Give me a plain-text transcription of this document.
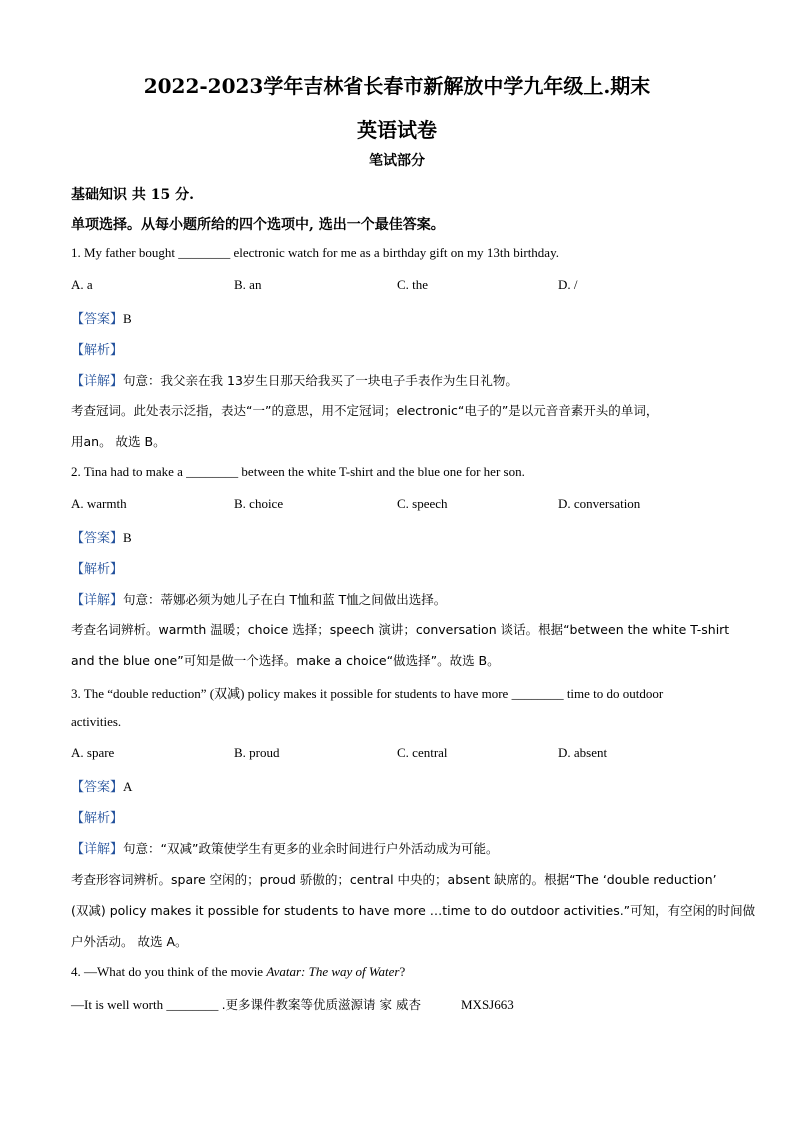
2022-2023学年吉林省长春市新解放中学九年级上.期末
英语试卷
笔试部分
基础知识 共 15 分.
单项选择。从每小题所给的四个选项中, 选出一个最佳答案。
1. My father bought ________ electronic watch for me as a birthday gift on my 13th birthday.
A. a	B. an	C. the	D. /
【答案】B
【解析】
【详解】句意：我父亲在我 13岁生日那天给我买了一块电子手表作为生日礼物。
考查冠词。此处表示泛指，表达“一”的意思，用不定冠词；electronic“电子的”是以元音音素开头的单词，
用an。 故选 B。
2. Tina had to make a ________ between the white T-shirt and the blue one for her son.
A. warmth	B. choice	C. speech	D. conversation
【答案】B
【解析】
【详解】句意：蒂娜必须为她儿子在白 T恤和蓝 T恤之间做出选择。
考查名词辨析。warmth 温暖；choice 选择；speech 演讲；conversation 谈话。根据“between the white T-shirt
and the blue one”可知是做一个选择。make a choice“做选择”。故选 B。
3. The “double reduction” (双减) policy makes it possible for students to have more ________ time to do outdoor
activities.
A. spare	B. proud	C. central	D. absent
【答案】A
【解析】
【详解】句意：“双减”政策使学生有更多的业余时间进行户外活动成为可能。
考查形容词辨析。spare 空闲的；proud 骄傲的；central 中央的；absent 缺席的。根据“The ‘double reduction’
(双减) policy makes it possible for students to have more …time to do outdoor activities.”可知，有空闲的时间做
户外活动。 故选 A。
4. —What do you think of the movie Avatar: The way of Water?
—It is well worth ________ .更多课件教案等优质滋源请 家 威杏	MXSJ663
